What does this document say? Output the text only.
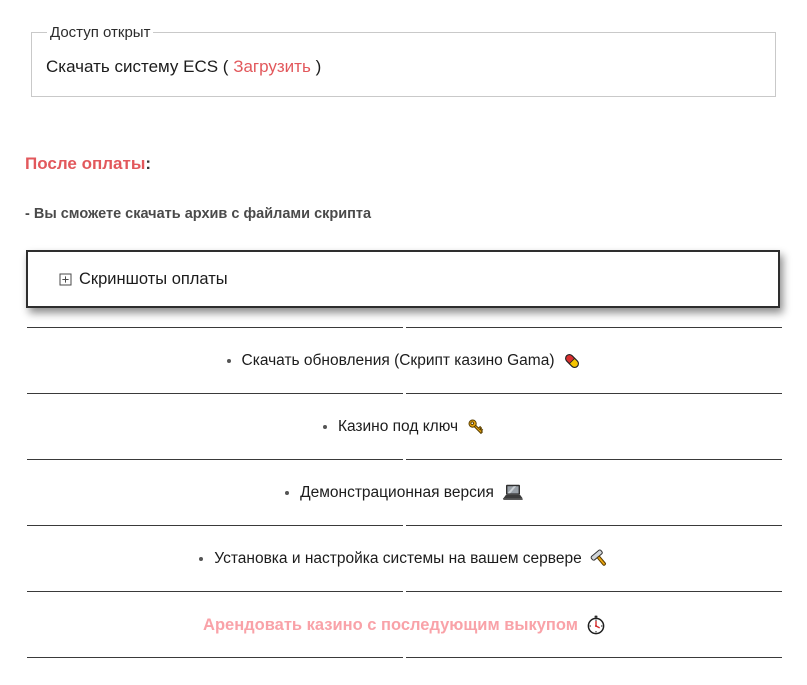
Доступ открыт
Скачать систему ECS ( Загрузить )
После оплаты:
- Вы сможете скачать архив с файлами скрипта
Скриншоты оплаты
Скачать обновления (Скрипт казино Gama)
Казино под ключ
Демонстрационная версия
Установка и настройка системы на вашем сервере
Арендовать казино с последующим выкупом
